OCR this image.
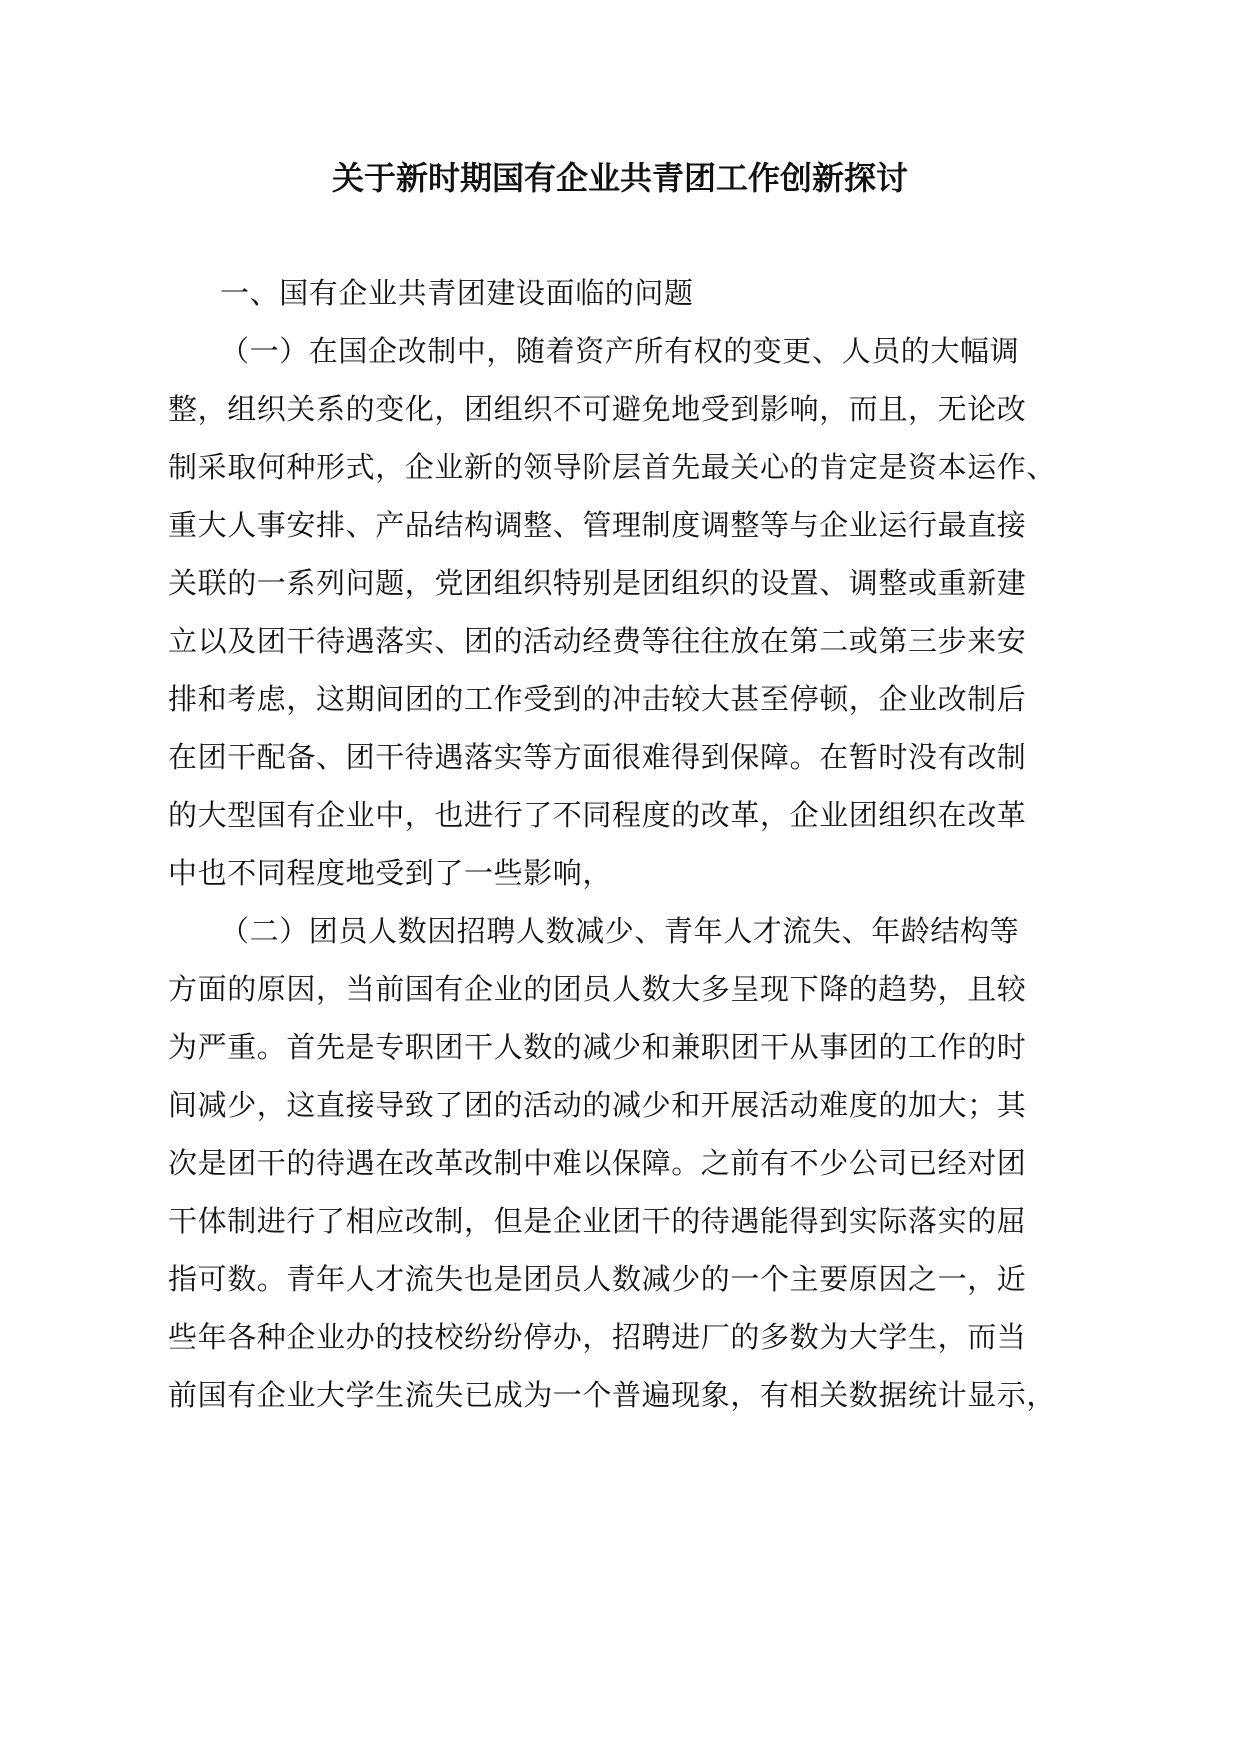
关于新时期国有企业共青团工作创新探讨
一、国有企业共青团建设面临的问题
（一）在国企改制中，随着资产所有权的变更、人员的大幅调
整，组织关系的变化，团组织不可避免地受到影响，而且，无论改
制采取何种形式，企业新的领导阶层首先最关心的肯定是资本运作、
重大人事安排、产品结构调整、管理制度调整等与企业运行最直接
关联的一系列问题，党团组织特别是团组织的设置、调整或重新建
立以及团干待遇落实、团的活动经费等往往放在第二或第三步来安
排和考虑，这期间团的工作受到的冲击较大甚至停顿，企业改制后
在团干配备、团干待遇落实等方面很难得到保障。在暂时没有改制
的大型国有企业中，也进行了不同程度的改革，企业团组织在改革
中也不同程度地受到了一些影响，
（二）团员人数因招聘人数减少、青年人才流失、年龄结构等
方面的原因，当前国有企业的团员人数大多呈现下降的趋势，且较
为严重。首先是专职团干人数的减少和兼职团干从事团的工作的时
间减少，这直接导致了团的活动的减少和开展活动难度的加大；其
次是团干的待遇在改革改制中难以保障。之前有不少公司已经对团
干体制进行了相应改制，但是企业团干的待遇能得到实际落实的屈
指可数。青年人才流失也是团员人数减少的一个主要原因之一，近
些年各种企业办的技校纷纷停办，招聘进厂的多数为大学生，而当
前国有企业大学生流失已成为一个普遍现象，有相关数据统计显示，
